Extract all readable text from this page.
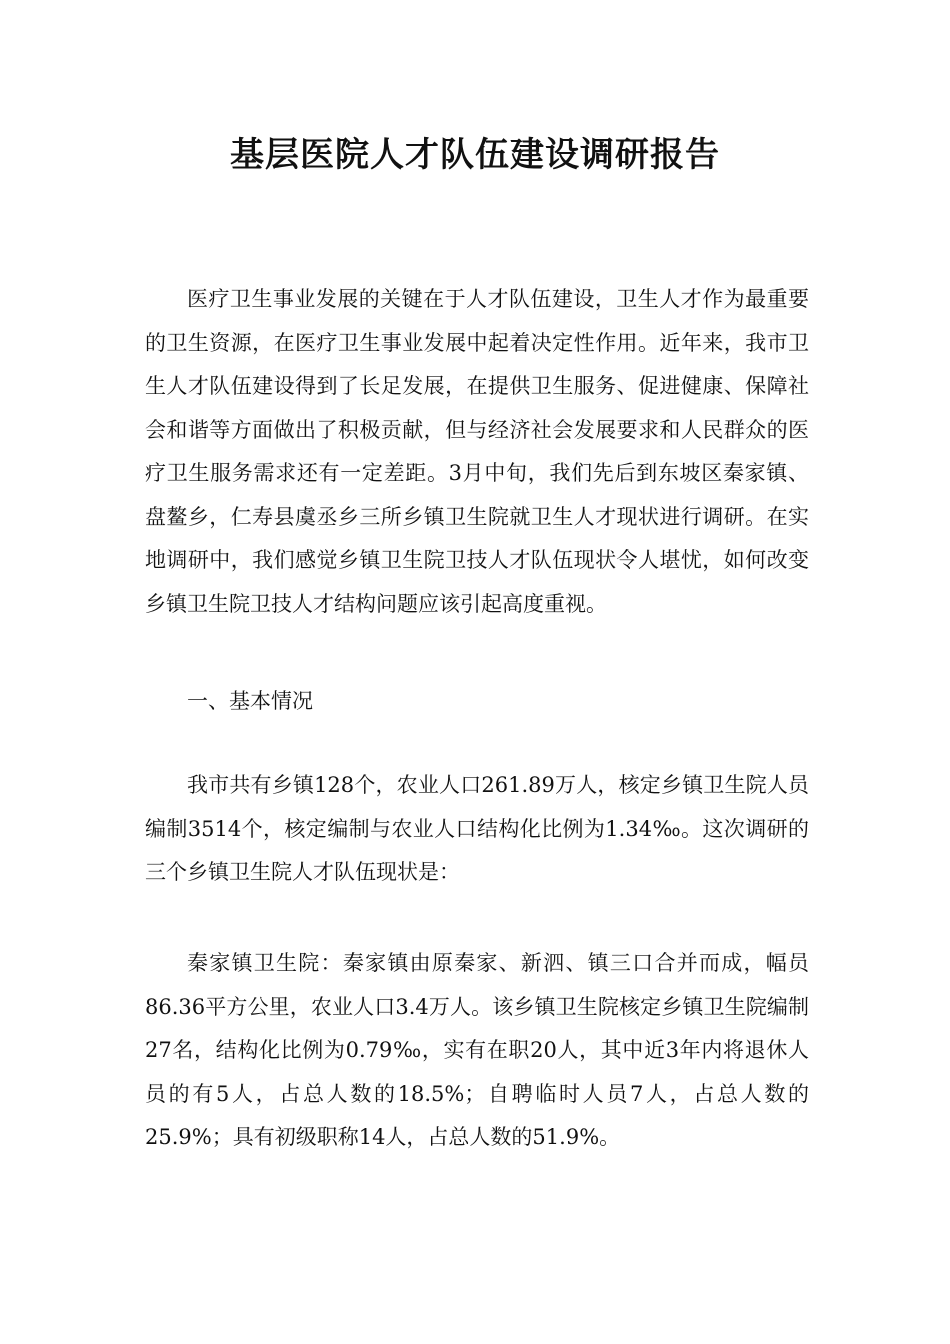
基层医院人才队伍建设调研报告

医疗卫生事业发展的关键在于人才队伍建设，卫生人才作为最重要的卫生资源，在医疗卫生事业发展中起着决定性作用。近年来，我市卫生人才队伍建设得到了长足发展，在提供卫生服务、促进健康、保障社会和谐等方面做出了积极贡献，但与经济社会发展要求和人民群众的医疗卫生服务需求还有一定差距。3月中旬，我们先后到东坡区秦家镇、盘鳌乡，仁寿县虞丞乡三所乡镇卫生院就卫生人才现状进行调研。在实地调研中，我们感觉乡镇卫生院卫技人才队伍现状令人堪忧，如何改变乡镇卫生院卫技人才结构问题应该引起高度重视。

一、基本情况

我市共有乡镇128个，农业人口261.89万人，核定乡镇卫生院人员编制3514个，核定编制与农业人口结构化比例为1.34‰。这次调研的三个乡镇卫生院人才队伍现状是：

秦家镇卫生院：秦家镇由原秦家、新泗、镇三口合并而成，幅员86.36平方公里，农业人口3.4万人。该乡镇卫生院核定乡镇卫生院编制27名，结构化比例为0.79‰，实有在职20人，其中近3年内将退休人员的有5人，占总人数的18.5%；自聘临时人员7人，占总人数的25.9%；具有初级职称14人，占总人数的51.9%。
